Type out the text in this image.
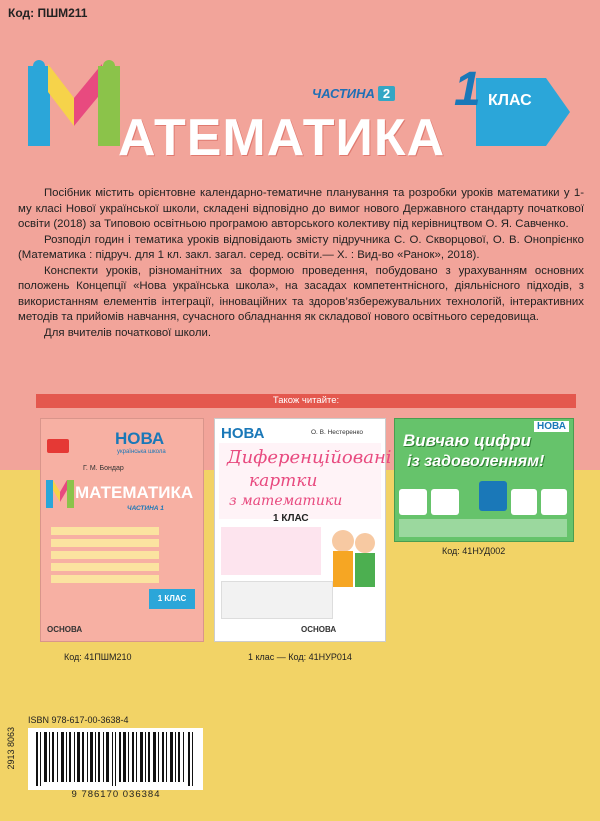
Код: ПШМ211
АТЕМАТИКА
ЧАСТИНА 2 1 КЛАС

Посібник містить орієнтовне календарно-тематичне планування та розробки уроків математики у 1-му класі Нової української школи, складені відповідно до вимог нового Державного стандарту початкової освіти (2018) за Типовою освітньою програмою авторського колективу під керівництвом О. Я. Савченко.

Розподіл годин і тематика уроків відповідають змісту підручника С. О. Скворцової, О. В. Онопрієнко (Математика : підруч. для 1 кл. закл. загал. серед. освіти.— Х. : Вид-во «Ранок», 2018).

Конспекти уроків, різноманітних за формою проведення, побудовано з урахуванням основних положень Концепції «Нова українська школа», на засадах компетентнісного, діяльнісного підходів, з використанням елементів інтеграції, інноваційних та здоров’язбережувальних технологій, інтерактивних методів та прийомів навчання, сучасного обладнання як складової нового освітнього середовища.

Для вчителів початкової школи.

Також читайте:
НОВА
українська школа
Г. М. Бондар
МАТЕМАТИКА
ЧАСТИНА 1
1 КЛАС
ОСНОВА
Код: 41ПШМ210
НОВА	О. В. Нестеренко
Диференційовані
картки
з математики
1 КЛАС
ОСНОВА
1 клас — Код: 41НУР014
НОВА
Вивчаю цифри
із задоволенням!
Код: 41НУД002
ISBN 978-617-00-3638-4
2913 8063
9 786170 036384
